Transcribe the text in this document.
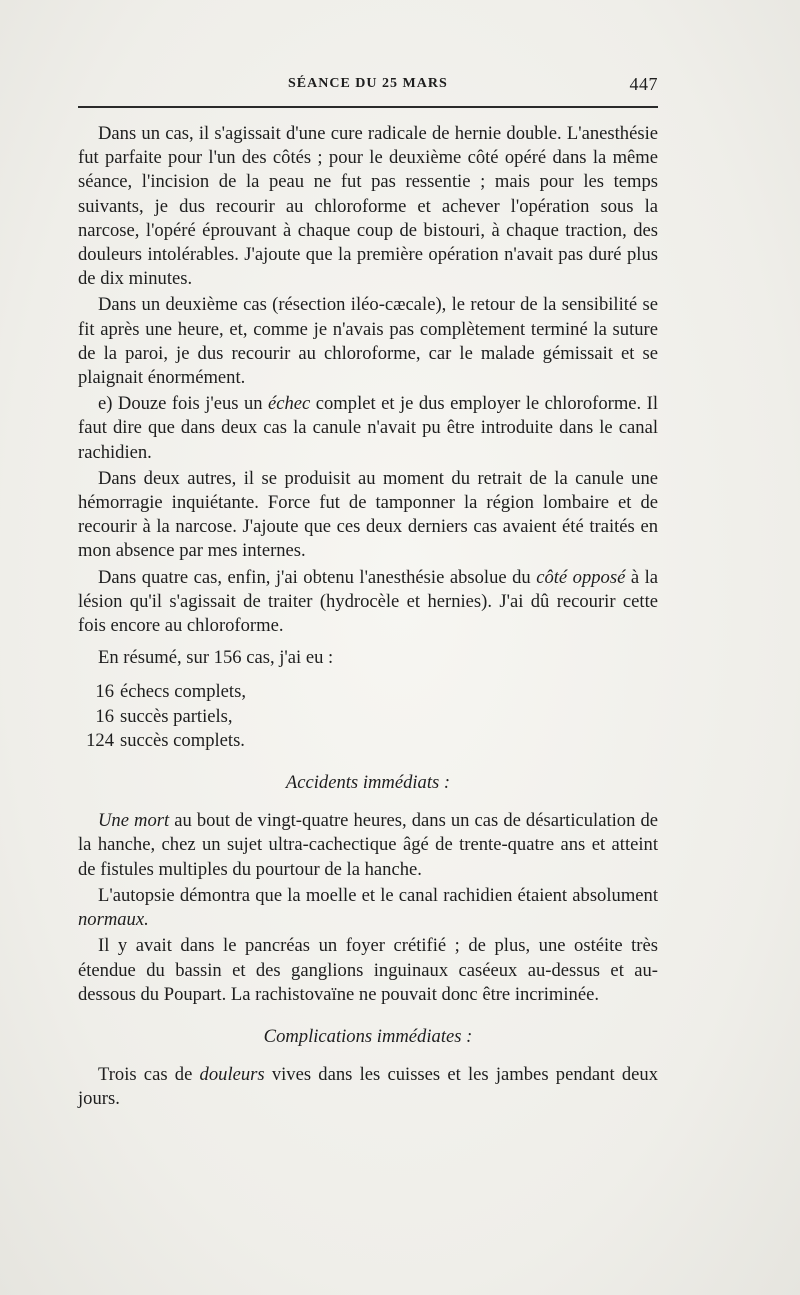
SÉANCE DU 25 MARS	447

Dans un cas, il s'agissait d'une cure radicale de hernie double. L'anesthésie fut parfaite pour l'un des côtés ; pour le deuxième côté opéré dans la même séance, l'incision de la peau ne fut pas ressentie ; mais pour les temps suivants, je dus recourir au chloroforme et achever l'opération sous la narcose, l'opéré éprouvant à chaque coup de bistouri, à chaque traction, des douleurs intolérables. J'ajoute que la première opération n'avait pas duré plus de dix minutes.

Dans un deuxième cas (résection iléo-cæcale), le retour de la sensibilité se fit après une heure, et, comme je n'avais pas complètement terminé la suture de la paroi, je dus recourir au chloroforme, car le malade gémissait et se plaignait énormément.

e) Douze fois j'eus un échec complet et je dus employer le chloroforme. Il faut dire que dans deux cas la canule n'avait pu être introduite dans le canal rachidien.

Dans deux autres, il se produisit au moment du retrait de la canule une hémorragie inquiétante. Force fut de tamponner la région lombaire et de recourir à la narcose. J'ajoute que ces deux derniers cas avaient été traités en mon absence par mes internes.

Dans quatre cas, enfin, j'ai obtenu l'anesthésie absolue du côté opposé à la lésion qu'il s'agissait de traiter (hydrocèle et hernies). J'ai dû recourir cette fois encore au chloroforme.

En résumé, sur 156 cas, j'ai eu :

16 échecs complets,
16 succès partiels,
124 succès complets.

Accidents immédiats :

Une mort au bout de vingt-quatre heures, dans un cas de désarticulation de la hanche, chez un sujet ultra-cachectique âgé de trente-quatre ans et atteint de fistules multiples du pourtour de la hanche.

L'autopsie démontra que la moelle et le canal rachidien étaient absolument normaux.

Il y avait dans le pancréas un foyer crétifié ; de plus, une ostéite très étendue du bassin et des ganglions inguinaux caséeux au-dessus et au-dessous du Poupart. La rachistovaïne ne pouvait donc être incriminée.

Complications immédiates :

Trois cas de douleurs vives dans les cuisses et les jambes pendant deux jours.
